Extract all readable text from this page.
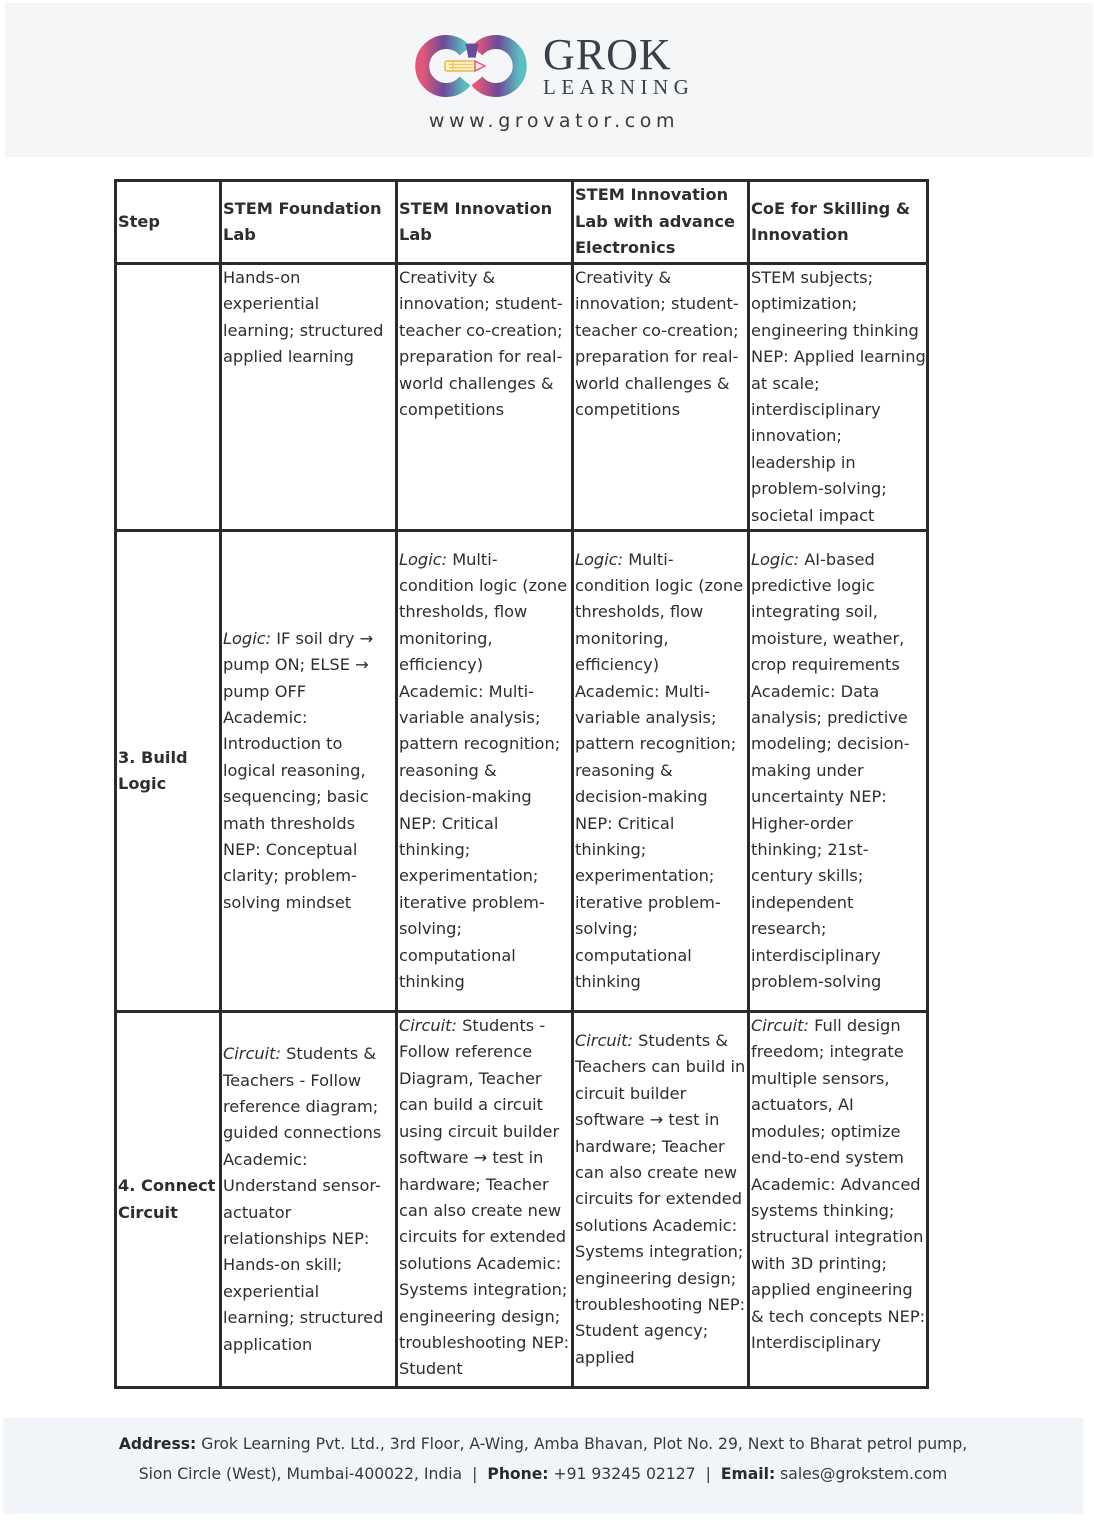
GROK
LEARNING
www.grovator.com
Step	STEM Foundation Lab	STEM Innovation Lab	STEM Innovation Lab with advance Electronics	CoE for Skilling & Innovation

	Hands-on experiential learning; structured applied learning	Creativity & innovation; student-teacher co-creation; preparation for real-world challenges & competitions	Creativity & innovation; student-teacher co-creation; preparation for real-world challenges & competitions	STEM subjects; optimization; engineering thinking NEP: Applied learning at scale; interdisciplinary innovation; leadership in problem-solving; societal impact

3. Build Logic	Logic: IF soil dry → pump ON; ELSE → pump OFF Academic: Introduction to logical reasoning, sequencing; basic math thresholds NEP: Conceptual clarity; problem-solving mindset	Logic: Multi-condition logic (zone thresholds, flow monitoring, efficiency) Academic: Multi-variable analysis; pattern recognition; reasoning & decision-making NEP: Critical thinking; experimentation; iterative problem-solving; computational thinking	Logic: Multi-condition logic (zone thresholds, flow monitoring, efficiency) Academic: Multi-variable analysis; pattern recognition; reasoning & decision-making NEP: Critical thinking; experimentation; iterative problem-solving; computational thinking	Logic: AI-based predictive logic integrating soil, moisture, weather, crop requirements Academic: Data analysis; predictive modeling; decision-making under uncertainty NEP: Higher-order thinking; 21st-century skills; independent research; interdisciplinary problem-solving
4. Connect Circuit	Circuit: Students & Teachers - Follow reference diagram; guided connections Academic: Understand sensor-actuator relationships NEP: Hands-on skill; experiential learning; structured application	Circuit: Students - Follow reference Diagram, Teacher can build a circuit using circuit builder software → test in hardware; Teacher can also create new circuits for extended solutions Academic: Systems integration; engineering design; troubleshooting NEP: Student	Circuit: Students & Teachers can build in circuit builder software → test in hardware; Teacher can also create new circuits for extended solutions Academic: Systems integration; engineering design; troubleshooting NEP: Student agency; applied	Circuit: Full design freedom; integrate multiple sensors, actuators, AI modules; optimize end-to-end system Academic: Advanced systems thinking; structural integration with 3D printing; applied engineering & tech concepts NEP: Interdisciplinary
Address: Grok Learning Pvt. Ltd., 3rd Floor, A-Wing, Amba Bhavan, Plot No. 29, Next to Bharat petrol pump,
Sion Circle (West), Mumbai-400022, India | Phone: +91 93245 02127 | Email: sales@grokstem.com
